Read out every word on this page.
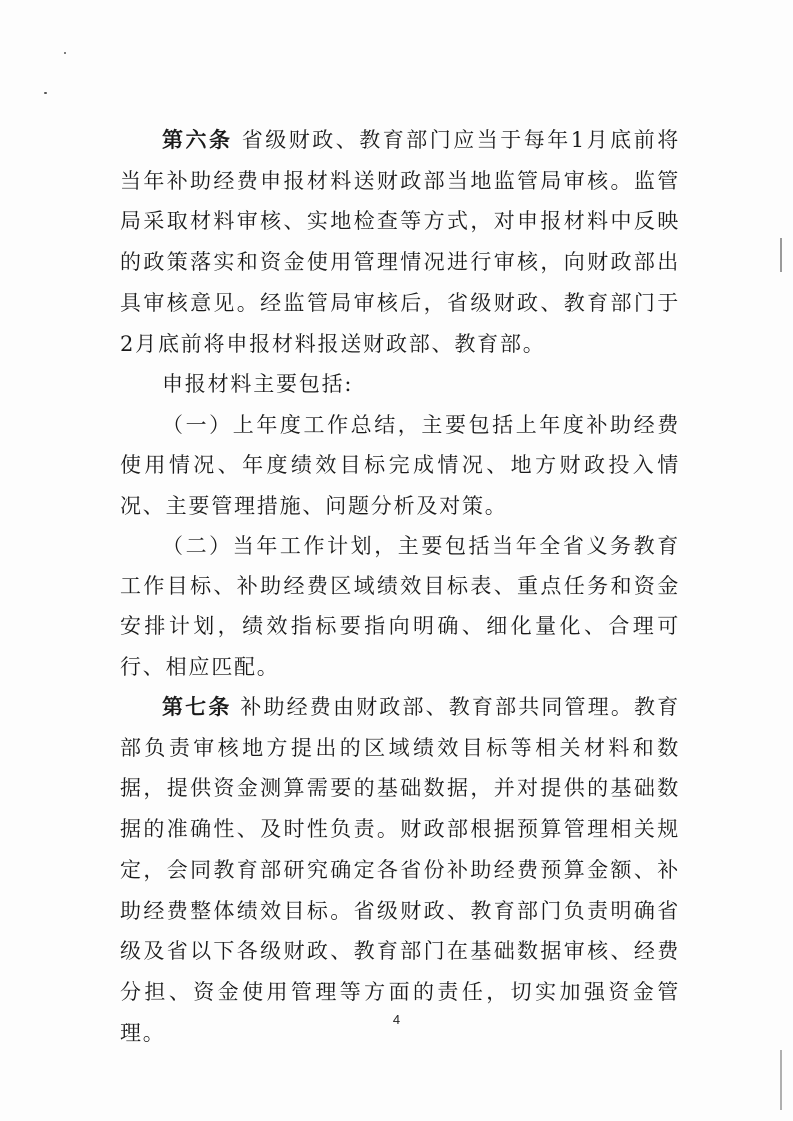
第六条 省级财政、教育部门应当于每年1月底前将当年补助经费申报材料送财政部当地监管局审核。监管局采取材料审核、实地检查等方式，对申报材料中反映的政策落实和资金使用管理情况进行审核，向财政部出具审核意见。经监管局审核后，省级财政、教育部门于2月底前将申报材料报送财政部、教育部。

申报材料主要包括:

（一）上年度工作总结，主要包括上年度补助经费使用情况、年度绩效目标完成情况、地方财政投入情况、主要管理措施、问题分析及对策。

（二）当年工作计划，主要包括当年全省义务教育工作目标、补助经费区域绩效目标表、重点任务和资金安排计划，绩效指标要指向明确、细化量化、合理可行、相应匹配。

第七条 补助经费由财政部、教育部共同管理。教育部负责审核地方提出的区域绩效目标等相关材料和数据，提供资金测算需要的基础数据，并对提供的基础数据的准确性、及时性负责。财政部根据预算管理相关规定，会同教育部研究确定各省份补助经费预算金额、补助经费整体绩效目标。省级财政、教育部门负责明确省级及省以下各级财政、教育部门在基础数据审核、经费分担、资金使用管理等方面的责任，切实加强资金管理。

4
